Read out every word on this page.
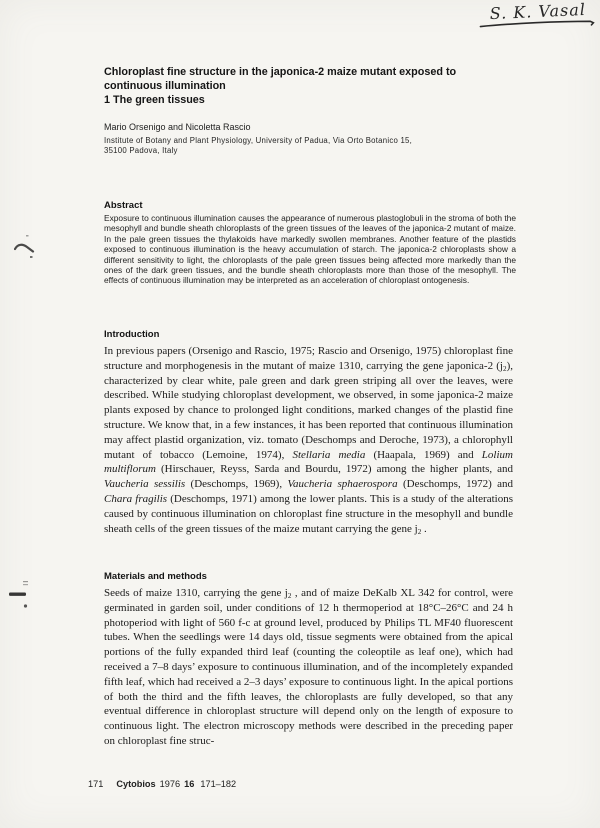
S. K. Vasal
Chloroplast fine structure in the japonica-2 maize mutant exposed to
continuous illumination
1 The green tissues
Mario Orsenigo and Nicoletta Rascio
Institute of Botany and Plant Physiology, University of Padua, Via Orto Botanico 15,
35100 Padova, Italy
Abstract
Exposure to continuous illumination causes the appearance of numerous plastoglobuli in the stroma of both the mesophyll and bundle sheath chloroplasts of the green tissues of the leaves of the japonica-2 mutant of maize. In the pale green tissues the thylakoids have markedly swollen membranes. Another feature of the plastids exposed to continuous illumination is the heavy accumulation of starch. The japonica-2 chloroplasts show a different sensitivity to light, the chloroplasts of the pale green tissues being affected more markedly than the ones of the dark green tissues, and the bundle sheath chloroplasts more than those of the mesophyll. The effects of continuous illumination may be interpreted as an acceleration of chloroplast ontogenesis.
Introduction
In previous papers (Orsenigo and Rascio, 1975; Rascio and Orsenigo, 1975) chloroplast fine structure and morphogenesis in the mutant of maize 1310, carrying the gene japonica-2 $(j_2)$, characterized by clear white, pale green and dark green striping all over the leaves, were described. While studying chloroplast development, we observed, in some japonica-2 maize plants exposed by chance to prolonged light conditions, marked changes of the plastid fine structure. We know that, in a few instances, it has been reported that continuous illumination may affect plastid organization, viz. tomato (Deschomps and Deroche, 1973), a chlorophyll mutant of tobacco (Lemoine, 1974), Stellaria media (Haapala, 1969) and Lolium multiflorum (Hirschauer, Reyss, Sarda and Bourdu, 1972) among the higher plants, and Vaucheria sessilis (Deschomps, 1969), Vaucheria sphaerospora (Deschomps, 1972) and Chara fragilis (Deschomps, 1971) among the lower plants. This is a study of the alterations caused by continuous illumination on chloroplast fine structure in the mesophyll and bundle sheath cells of the green tissues of the maize mutant carrying the gene $j_2$ .
Materials and methods
Seeds of maize 1310, carrying the gene $j_2$ , and of maize DeKalb XL 342 for control, were germinated in garden soil, under conditions of 12 h thermoperiod at 18°C–26°C and 24 h photoperiod with light of 560 f-c at ground level, produced by Philips TL MF40 fluorescent tubes. When the seedlings were 14 days old, tissue segments were obtained from the apical portions of the fully expanded third leaf (counting the coleoptile as leaf one), which had received a 7–8 days’ exposure to continuous illumination, and of the incompletely expanded fifth leaf, which had received a 2–3 days’ exposure to continuous light. In the apical portions of both the third and the fifth leaves, the chloroplasts are fully developed, so that any eventual difference in chloroplast structure will depend only on the length of exposure to continuous light. The electron microscopy methods were described in the preceding paper on chloroplast fine struc-
171 Cytobios 1976 16 171–182
